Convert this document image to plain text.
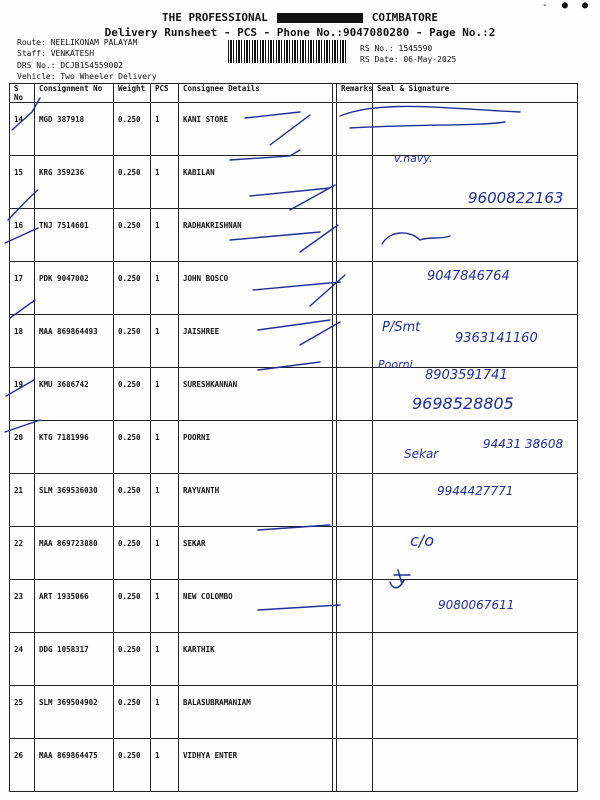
- ● ●
THE PROFESSIONAL	, COIMBATORE
Delivery Runsheet - PCS - Phone No.:9047080280 - Page No.:2
Route: NEELIKONAM PALAYAM
Staff: VENKATESH
DRS No.: DCJB1S4559002
Vehicle: Two Wheeler Delivery
RS No.: 1545590
RS Date: 06-May-2025
S No	Consignment No	Weight	PCS	Consignee Details		Remarks	Seal & Signature
14	MGD 387918	0.250	1	KANI STORE			
15	KRG 359236	0.250	1	KABILAN			
16	TNJ 7514601	0.250	1	RADHAKRISHNAN			
17	PDK 9047002	0.250	1	JOHN BOSCO			
18	MAA 869864493	0.250	1	JAISHREE			
19	KMU 3686742	0.250	1	SURESHKANNAN			
20	KTG 7181996	0.250	1	POORNI			
21	SLM 369536030	0.250	1	RAYVANTH			
22	MAA 869723880	0.250	1	SEKAR			
23	ART 1935066	0.250	1	NEW COLOMBO			
24	DDG 1058317	0.250	1	KARTHIK			
25	SLM 369504902	0.250	1	BALASUBRAMANIAM			
26	MAA 869864475	0.250	1	VIDHYA ENTER			
v.navy.
9600822163
9047846764
P/Smt
9363141160
Poorni
8903591741
9698528805
Sekar
94431 38608
9944427771
c/o
9080067611
